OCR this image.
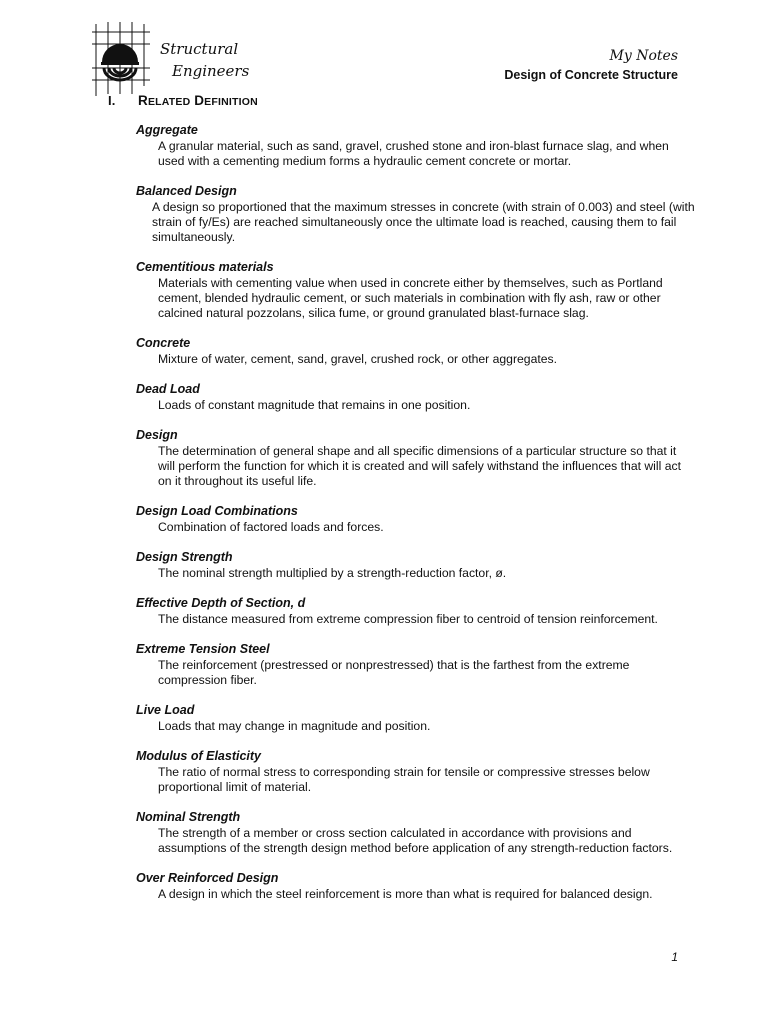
Structural
Engineers
My Notes
Design of Concrete Structure
I. RELATED DEFINITION
Aggregate
A granular material, such as sand, gravel, crushed stone and iron-blast furnace slag, and when used with a cementing medium forms a hydraulic cement concrete or mortar.
Balanced Design
A design so proportioned that the maximum stresses in concrete (with strain of 0.003) and steel (with strain of fy/Es) are reached simultaneously once the ultimate load is reached, causing them to fail simultaneously.
Cementitious materials
Materials with cementing value when used in concrete either by themselves, such as Portland cement, blended hydraulic cement, or such materials in combination with fly ash, raw or other calcined natural pozzolans, silica fume, or ground granulated blast-furnace slag.
Concrete
Mixture of water, cement, sand, gravel, crushed rock, or other aggregates.
Dead Load
Loads of constant magnitude that remains in one position.
Design
The determination of general shape and all specific dimensions of a particular structure so that it will perform the function for which it is created and will safely withstand the influences that will act on it throughout its useful life.
Design Load Combinations
Combination of factored loads and forces.
Design Strength
The nominal strength multiplied by a strength-reduction factor, ø.
Effective Depth of Section, d
The distance measured from extreme compression fiber to centroid of tension reinforcement.
Extreme Tension Steel
The reinforcement (prestressed or nonprestressed) that is the farthest from the extreme compression fiber.
Live Load
Loads that may change in magnitude and position.
Modulus of Elasticity
The ratio of normal stress to corresponding strain for tensile or compressive stresses below proportional limit of material.
Nominal Strength
The strength of a member or cross section calculated in accordance with provisions and assumptions of the strength design method before application of any strength-reduction factors.
Over Reinforced Design
A design in which the steel reinforcement is more than what is required for balanced design.
1
